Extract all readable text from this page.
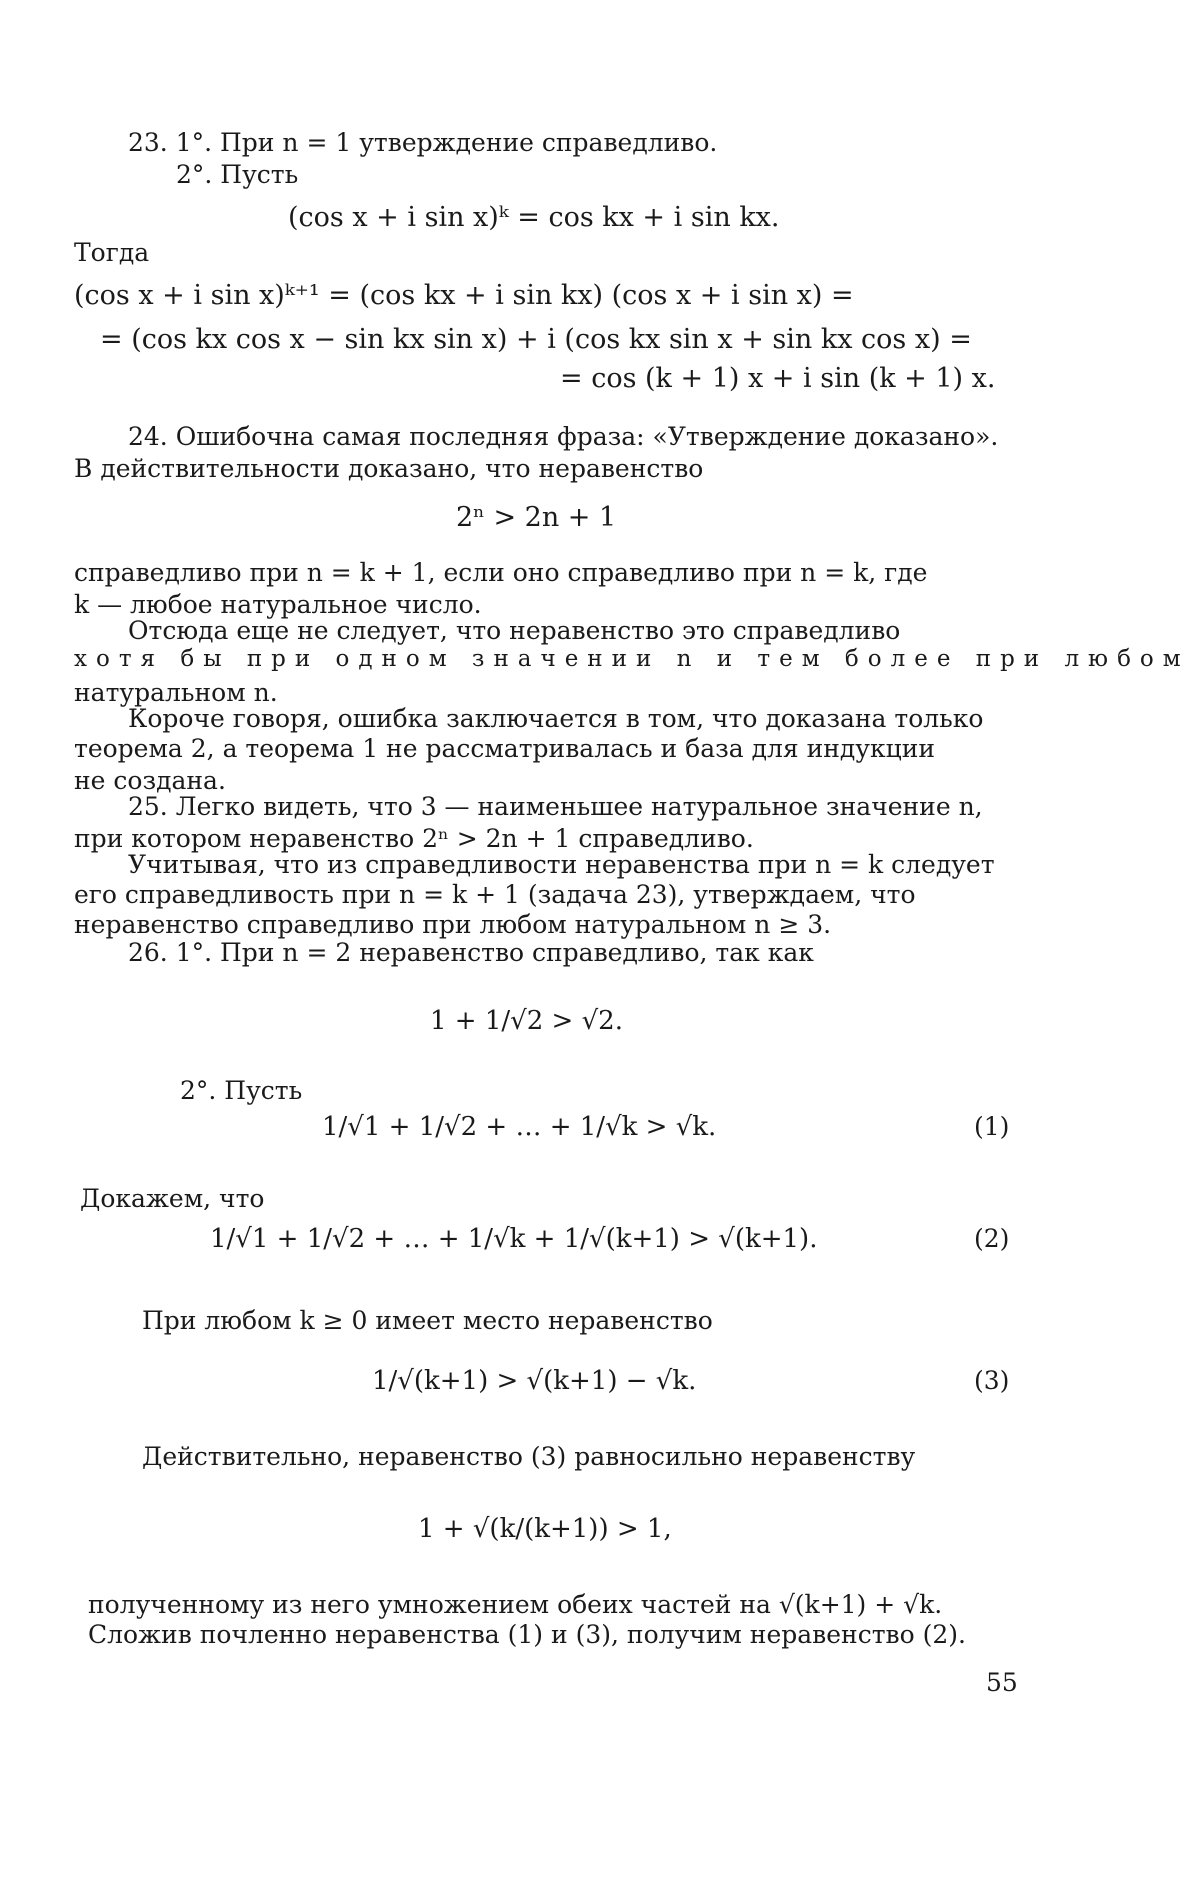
23. 1°. При n = 1 утверждение справедливо.
2°. Пусть
(cos x + i sin x)ᵏ = cos kx + i sin kx.
Тогда
(cos x + i sin x)ᵏ⁺¹ = (cos kx + i sin kx) (cos x + i sin x) =
= (cos kx cos x − sin kx sin x) + i (cos kx sin x + sin kx cos x) =
= cos (k + 1) x + i sin (k + 1) x.
24. Ошибочна самая последняя фраза: «Утверждение доказано».
В действительности доказано, что неравенство
2ⁿ > 2n + 1
справедливо при n = k + 1, если оно справедливо при n = k, где
k — любое натуральное число.
Отсюда еще не следует, что неравенство это справедливо
хотя бы при одном значении n и тем более при любом
натуральном n.
Короче говоря, ошибка заключается в том, что доказана только
теорема 2, а теорема 1 не рассматривалась и база для индукции
не создана.
25. Легко видеть, что 3 — наименьшее натуральное значение n,
при котором неравенство 2ⁿ > 2n + 1 справедливо.
Учитывая, что из справедливости неравенства при n = k следует
его справедливость при n = k + 1 (задача 23), утверждаем, что
неравенство справедливо при любом натуральном n ≥ 3.
26. 1°. При n = 2 неравенство справедливо, так как
1 + 1/√2 > √2.
2°. Пусть
1/√1 + 1/√2 + … + 1/√k > √k.	(1)
Докажем, что
1/√1 + 1/√2 + … + 1/√k + 1/√(k+1) > √(k+1).	(2)
При любом k ≥ 0 имеет место неравенство
1/√(k+1) > √(k+1) − √k.	(3)
Действительно, неравенство (3) равносильно неравенству
1 + √(k/(k+1)) > 1,
полученному из него умножением обеих частей на √(k+1) + √k.
Сложив почленно неравенства (1) и (3), получим неравенство (2).
55
